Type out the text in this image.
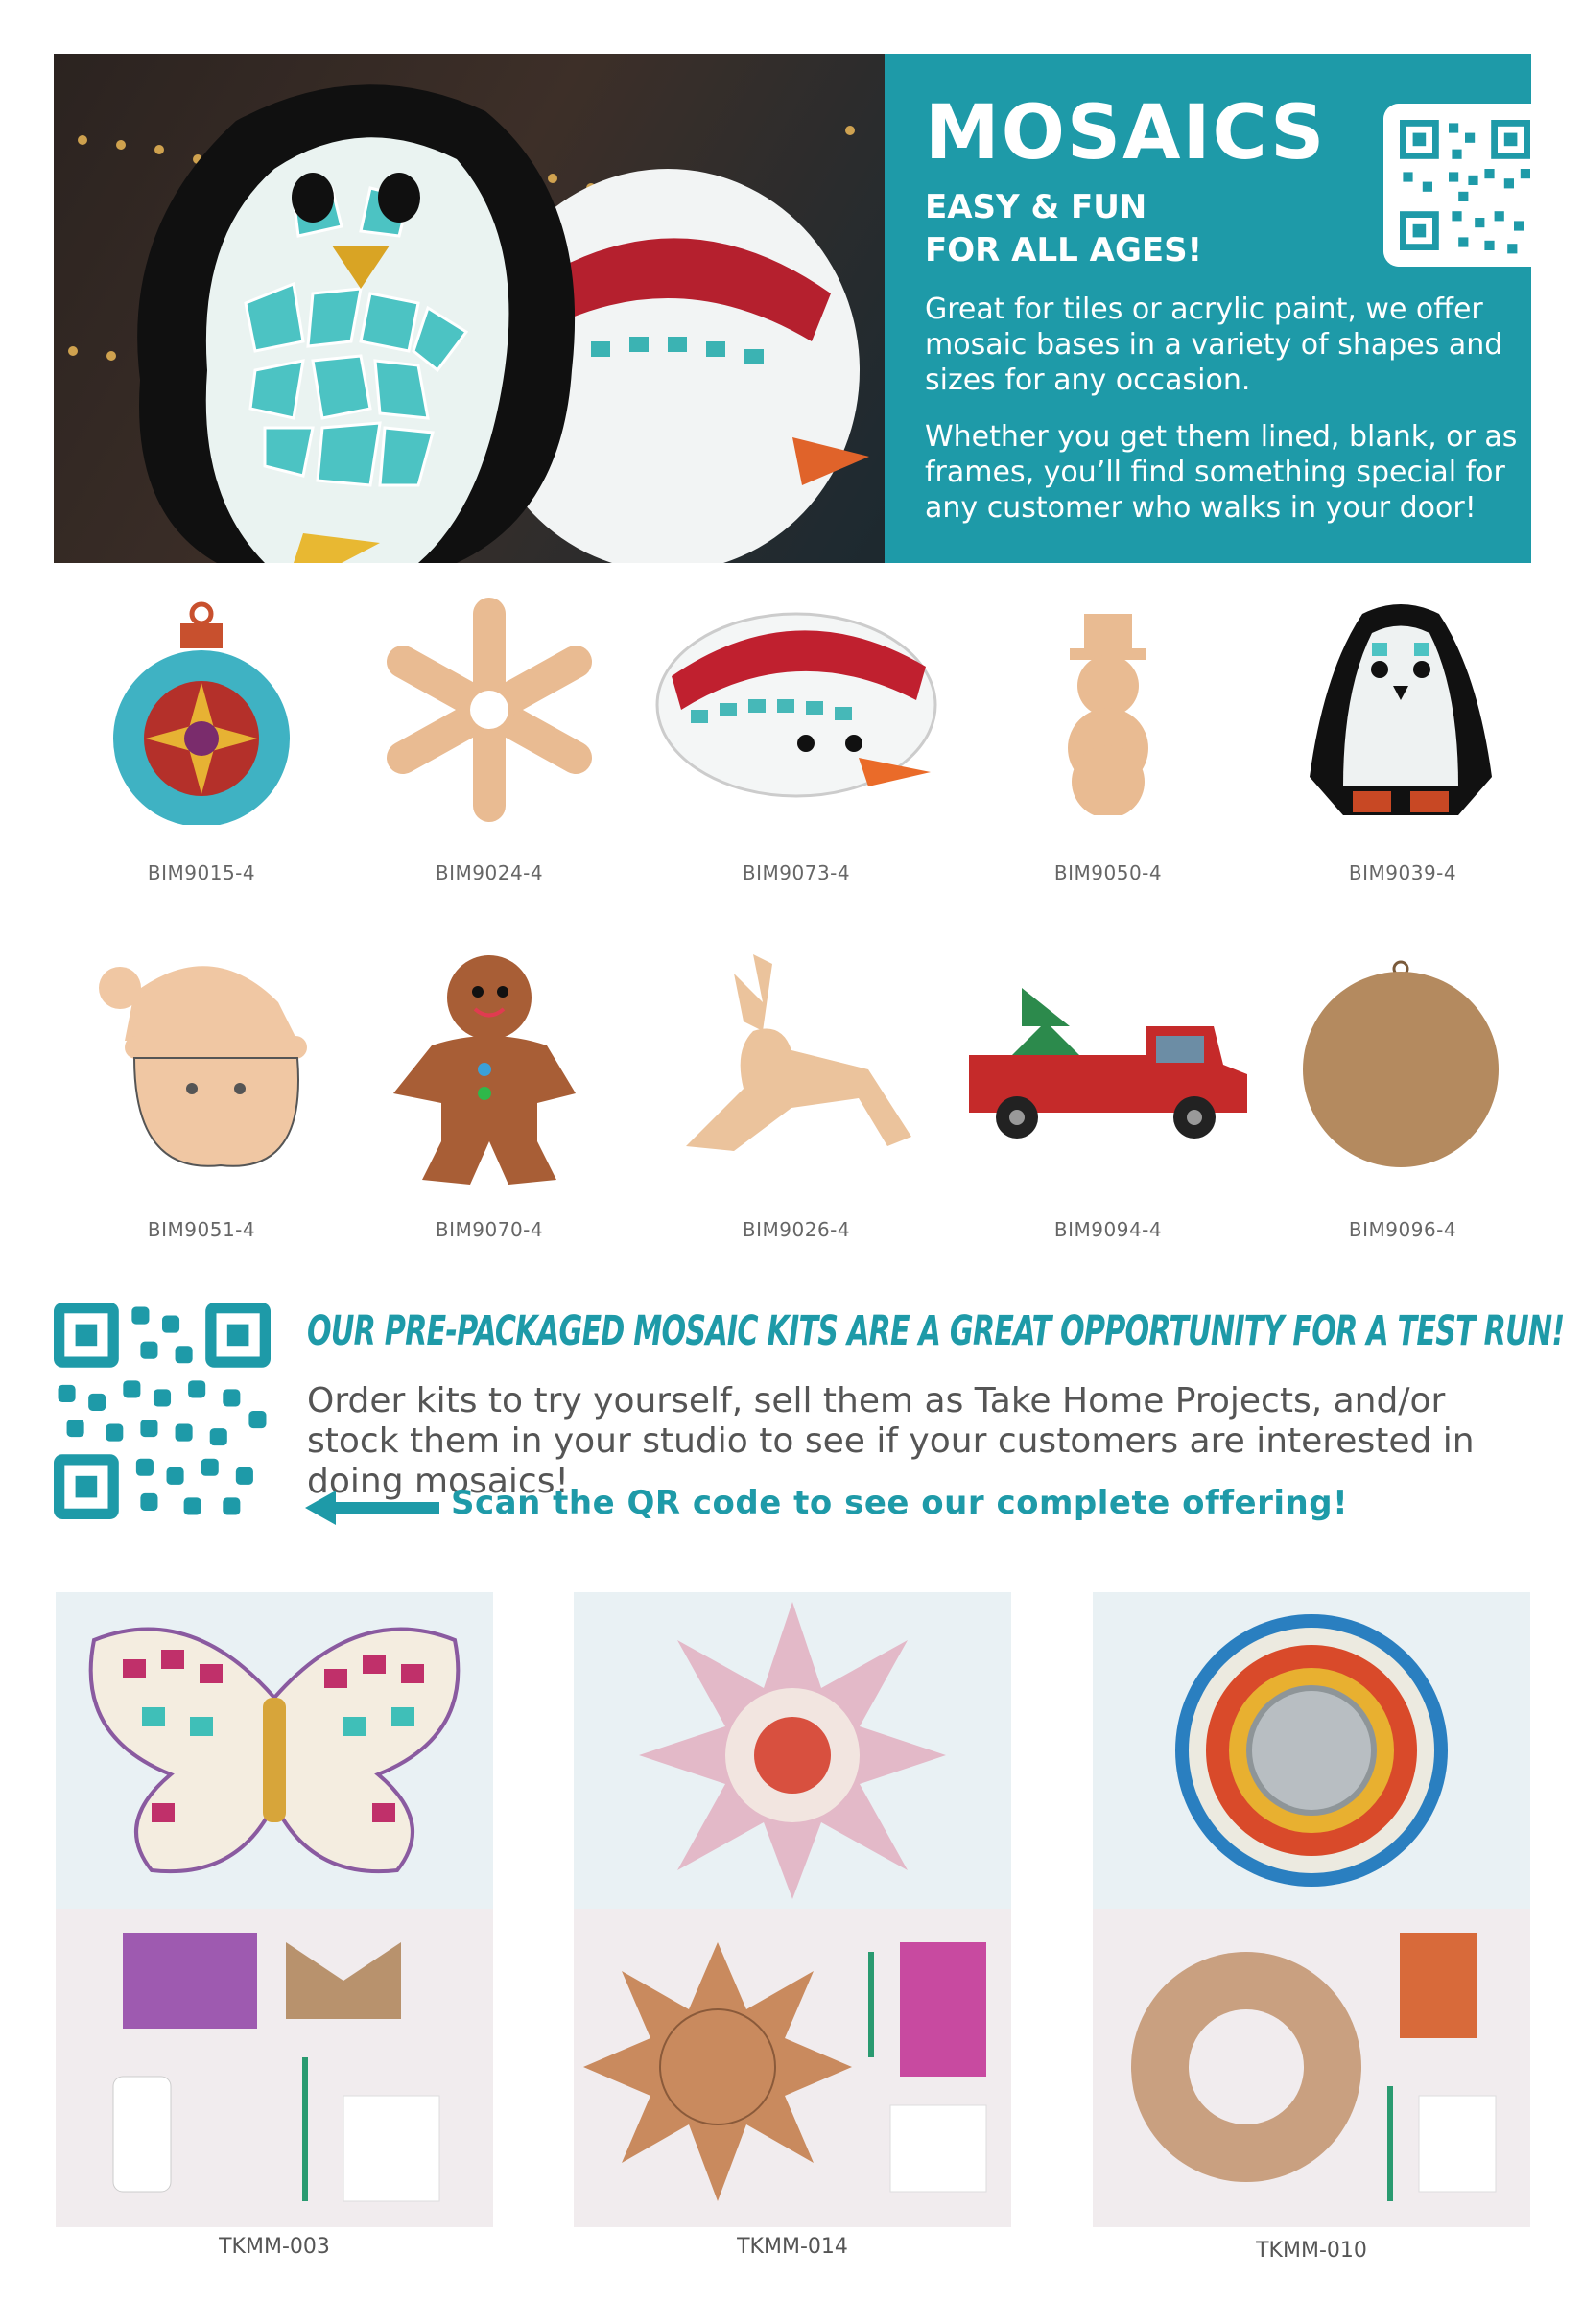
MOSAICS
EASY & FUN
FOR ALL AGES!
Great for tiles or acrylic paint, we offer mosaic bases in a variety of shapes and sizes for any occasion.
Whether you get them lined, blank, or as frames, you’ll find something special for any customer who walks in your door!
BIM9015-4	BIM9024-4	BIM9073-4	BIM9050-4	BIM9039-4
BIM9051-4	BIM9070-4	BIM9026-4	BIM9094-4	BIM9096-4
OUR PRE-PACKAGED MOSAIC KITS ARE A GREAT OPPORTUNITY FOR A TEST RUN!
Order kits to try yourself, sell them as Take Home Projects, and/or stock them in your studio to see if your customers are interested in doing mosaics!
Scan the QR code to see our complete offering!
TKMM-003	TKMM-014	TKMM-010
